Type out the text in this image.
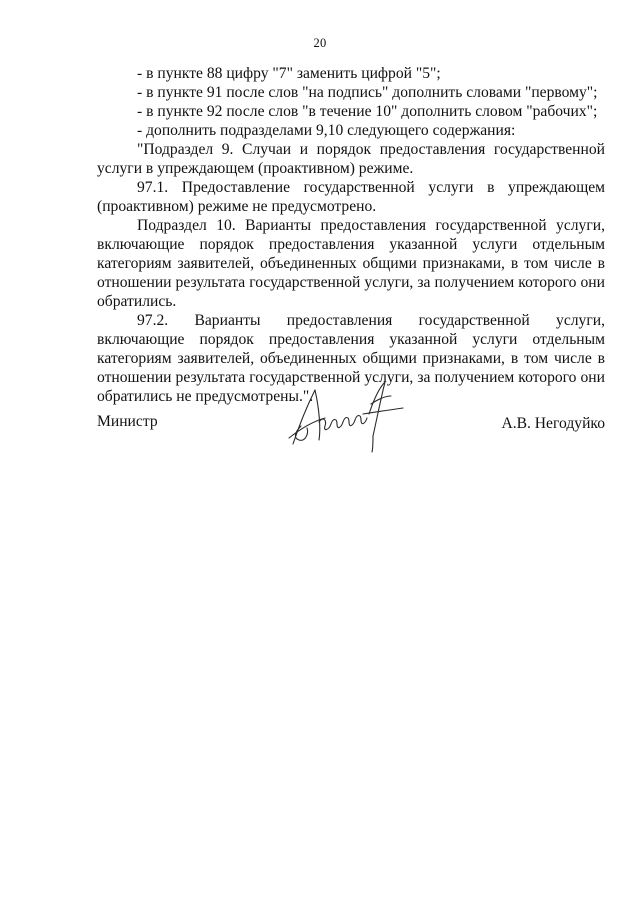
20
- в пункте 88 цифру "7" заменить цифрой "5";
- в пункте 91 после слов "на подпись" дополнить словами "первому";
- в пункте 92 после слов "в течение 10" дополнить словом "рабочих";
- дополнить подразделами 9,10 следующего содержания:
"Подраздел 9. Случаи и порядок предоставления государственной услуги в упреждающем (проактивном) режиме.
97.1. Предоставление государственной услуги в упреждающем (проактивном) режиме не предусмотрено.
Подраздел 10. Варианты предоставления государственной услуги, включающие порядок предоставления указанной услуги отдельным категориям заявителей, объединенных общими признаками, в том числе в отношении результата государственной услуги, за получением которого они обратились.
97.2. Варианты предоставления государственной услуги, включающие порядок предоставления указанной услуги отдельным категориям заявителей, объединенных общими признаками, в том числе в отношении результата государственной услуги, за получением которого они обратились не предусмотрены.".
Министр	А.В. Негодуйко
